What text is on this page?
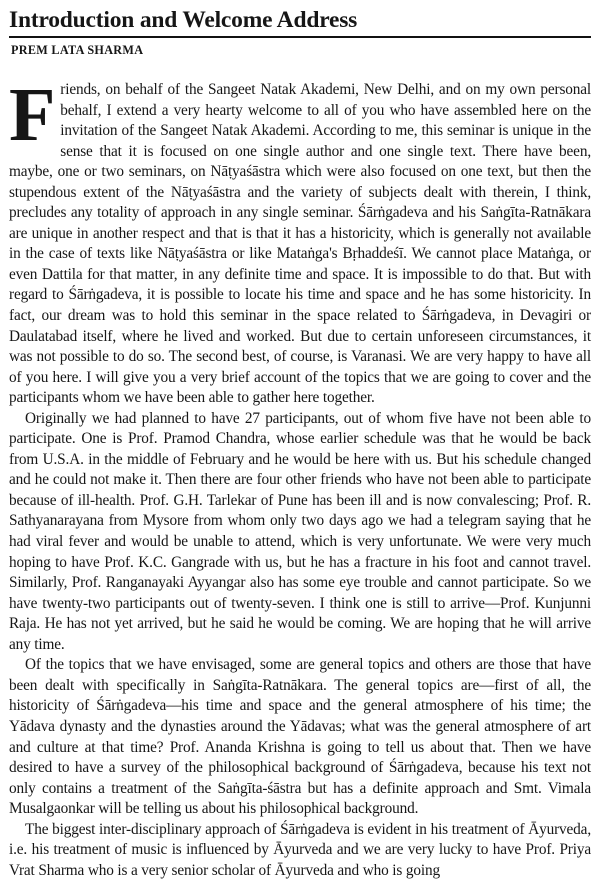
Introduction and Welcome Address
PREM LATA SHARMA

Friends, on behalf of the Sangeet Natak Akademi, New Delhi, and on my own personal behalf, I extend a very hearty welcome to all of you who have assembled here on the invitation of the Sangeet Natak Akademi. According to me, this seminar is unique in the sense that it is focused on one single author and one single text. There have been, maybe, one or two seminars, on Nāṭyaśāstra which were also focused on one text, but then the stupendous extent of the Nāṭyaśāstra and the variety of subjects dealt with therein, I think, precludes any totality of approach in any single seminar. Śārṅgadeva and his Saṅgīta-Ratnākara are unique in another respect and that is that it has a historicity, which is generally not available in the case of texts like Nāṭyaśāstra or like Mataṅga's Bṛhaddeśī. We cannot place Mataṅga, or even Dattila for that matter, in any definite time and space. It is impossible to do that. But with regard to Śārṅgadeva, it is possible to locate his time and space and he has some historicity. In fact, our dream was to hold this seminar in the space related to Śārṅgadeva, in Devagiri or Daulatabad itself, where he lived and worked. But due to certain unforeseen circumstances, it was not possible to do so. The second best, of course, is Varanasi. We are very happy to have all of you here. I will give you a very brief account of the topics that we are going to cover and the participants whom we have been able to gather here together.

Originally we had planned to have 27 participants, out of whom five have not been able to participate. One is Prof. Pramod Chandra, whose earlier schedule was that he would be back from U.S.A. in the middle of February and he would be here with us. But his schedule changed and he could not make it. Then there are four other friends who have not been able to participate because of ill-health. Prof. G.H. Tarlekar of Pune has been ill and is now convalescing; Prof. R. Sathyanarayana from Mysore from whom only two days ago we had a telegram saying that he had viral fever and would be unable to attend, which is very unfortunate. We were very much hoping to have Prof. K.C. Gangrade with us, but he has a fracture in his foot and cannot travel. Similarly, Prof. Ranganayaki Ayyangar also has some eye trouble and cannot participate. So we have twenty-two participants out of twenty-seven. I think one is still to arrive—Prof. Kunjunni Raja. He has not yet arrived, but he said he would be coming. We are hoping that he will arrive any time.

Of the topics that we have envisaged, some are general topics and others are those that have been dealt with specifically in Saṅgīta-Ratnākara. The general topics are—first of all, the historicity of Śārṅgadeva—his time and space and the general atmosphere of his time; the Yādava dynasty and the dynasties around the Yādavas; what was the general atmosphere of art and culture at that time? Prof. Ananda Krishna is going to tell us about that. Then we have desired to have a survey of the philosophical background of Śārṅgadeva, because his text not only contains a treatment of the Saṅgīta-śāstra but has a definite approach and Smt. Vimala Musalgaonkar will be telling us about his philosophical background.

The biggest inter-disciplinary approach of Śārṅgadeva is evident in his treatment of Āyurveda, i.e. his treatment of music is influenced by Āyurveda and we are very lucky to have Prof. Priya Vrat Sharma who is a very senior scholar of Āyurveda and who is going
